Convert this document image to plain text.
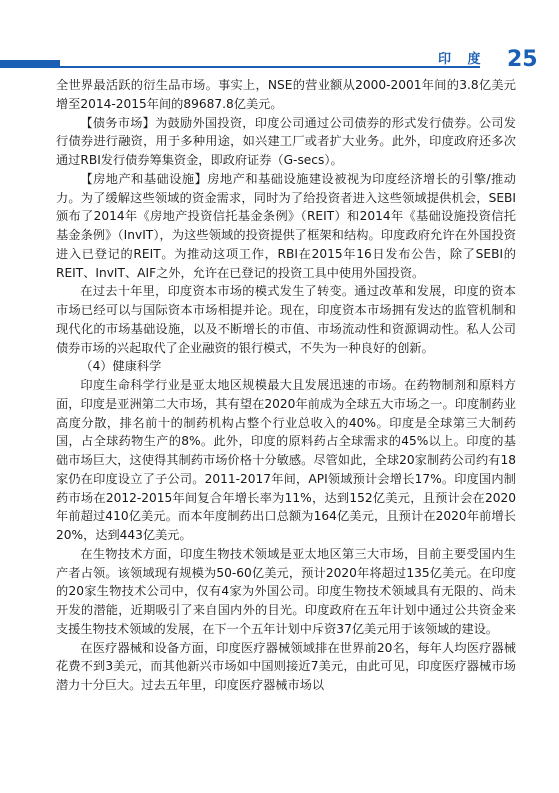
印 度 25

全世界最活跃的衍生品市场。事实上，NSE的营业额从2000-2001年间的3.8亿美元增至2014-2015年间的89687.8亿美元。

【债务市场】为鼓励外国投资，印度公司通过公司债券的形式发行债券。公司发行债券进行融资，用于多种用途，如兴建工厂或者扩大业务。此外，印度政府还多次通过RBI发行债券筹集资金，即政府证券（G-secs）。

【房地产和基础设施】房地产和基础设施建设被视为印度经济增长的引擎/推动力。为了缓解这些领域的资金需求，同时为了给投资者进入这些领域提供机会，SEBI颁布了2014年《房地产投资信托基金条例》（REIT）和2014年《基础设施投资信托基金条例》（InvIT），为这些领域的投资提供了框架和结构。印度政府允许在外国投资进入已登记的REIT。为推动这项工作，RBI在2015年16日发布公告，除了SEBI的REIT、InvIT、AIF之外，允许在已登记的投资工具中使用外国投资。

在过去十年里，印度资本市场的模式发生了转变。通过改革和发展，印度的资本市场已经可以与国际资本市场相提并论。现在，印度资本市场拥有发达的监管机制和现代化的市场基础设施，以及不断增长的市值、市场流动性和资源调动性。私人公司债券市场的兴起取代了企业融资的银行模式，不失为一种良好的创新。

（4）健康科学

印度生命科学行业是亚太地区规模最大且发展迅速的市场。在药物制剂和原料方面，印度是亚洲第二大市场，其有望在2020年前成为全球五大市场之一。印度制药业高度分散，排名前十的制药机构占整个行业总收入的40%。印度是全球第三大制药国，占全球药物生产的8%。此外，印度的原料药占全球需求的45%以上。印度的基础市场巨大，这使得其制药市场价格十分敏感。尽管如此，全球20家制药公司约有18家仍在印度设立了子公司。2011-2017年间，API领域预计会增长17%。印度国内制药市场在2012-2015年间复合年增长率为11%，达到152亿美元，且预计会在2020年前超过410亿美元。而本年度制药出口总额为164亿美元，且预计在2020年前增长20%，达到443亿美元。

在生物技术方面，印度生物技术领域是亚太地区第三大市场，目前主要受国内生产者占领。该领域现有规模为50-60亿美元，预计2020年将超过135亿美元。在印度的20家生物技术公司中，仅有4家为外国公司。印度生物技术领域具有无限的、尚未开发的潜能，近期吸引了来自国内外的目光。印度政府在五年计划中通过公共资金来支援生物技术领域的发展，在下一个五年计划中斥资37亿美元用于该领域的建设。

在医疗器械和设备方面，印度医疗器械领域排在世界前20名，每年人均医疗器械花费不到3美元，而其他新兴市场如中国则接近7美元，由此可见，印度医疗器械市场潜力十分巨大。过去五年里，印度医疗器械市场以
